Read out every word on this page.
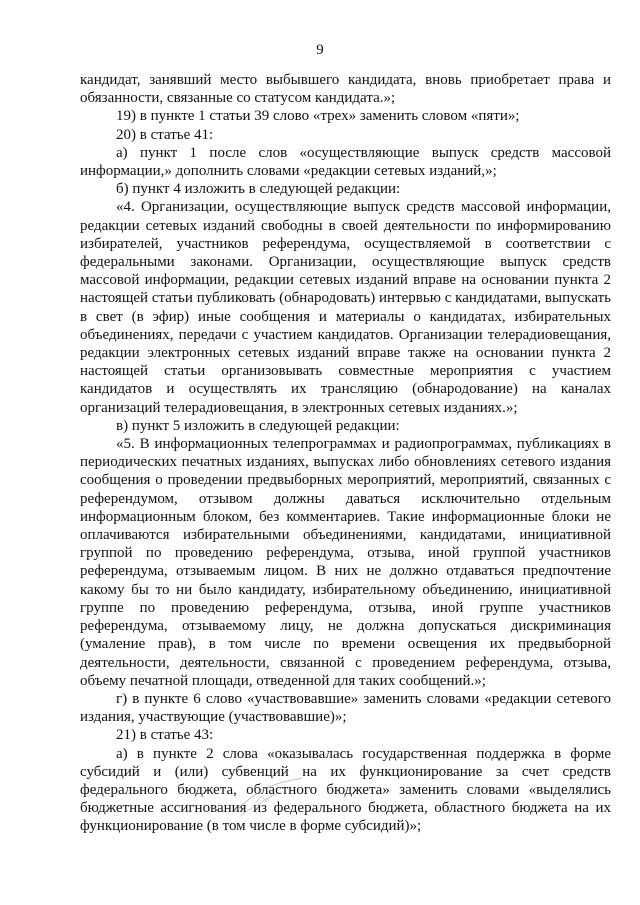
9

кандидат, занявший место выбывшего кандидата, вновь приобретает права и обязанности, связанные со статусом кандидата.»;

19) в пункте 1 статьи 39 слово «трех» заменить словом «пяти»;

20) в статье 41:

а) пункт 1 после слов «осуществляющие выпуск средств массовой информации,» дополнить словами «редакции сетевых изданий,»;

б) пункт 4 изложить в следующей редакции:

«4. Организации, осуществляющие выпуск средств массовой информации, редакции сетевых изданий свободны в своей деятельности по информированию избирателей, участников референдума, осуществляемой в соответствии с федеральными законами. Организации, осуществляющие выпуск средств массовой информации, редакции сетевых изданий вправе на основании пункта 2 настоящей статьи публиковать (обнародовать) интервью с кандидатами, выпускать в свет (в эфир) иные сообщения и материалы о кандидатах, избирательных объединениях, передачи с участием кандидатов. Организации телерадиовещания, редакции электронных сетевых изданий вправе также на основании пункта 2 настоящей статьи организовывать совместные мероприятия с участием кандидатов и осуществлять их трансляцию (обнародование) на каналах организаций телерадиовещания, в электронных сетевых изданиях.»;

в) пункт 5 изложить в следующей редакции:

«5. В информационных телепрограммах и радиопрограммах, публикациях в периодических печатных изданиях, выпусках либо обновлениях сетевого издания сообщения о проведении предвыборных мероприятий, мероприятий, связанных с референдумом, отзывом должны даваться исключительно отдельным информационным блоком, без комментариев. Такие информационные блоки не оплачиваются избирательными объединениями, кандидатами, инициативной группой по проведению референдума, отзыва, иной группой участников референдума, отзываемым лицом. В них не должно отдаваться предпочтение какому бы то ни было кандидату, избирательному объединению, инициативной группе по проведению референдума, отзыва, иной группе участников референдума, отзываемому лицу, не должна допускаться дискриминация (умаление прав), в том числе по времени освещения их предвыборной деятельности, деятельности, связанной с проведением референдума, отзыва, объему печатной площади, отведенной для таких сообщений.»;

г) в пункте 6 слово «участвовавшие» заменить словами «редакции сетевого издания, участвующие (участвовавшие)»;

21) в статье 43:

а) в пункте 2 слова «оказывалась государственная поддержка в форме субсидий и (или) субвенций на их функционирование за счет средств федерального бюджета, областного бюджета» заменить словами «выделялись бюджетные ассигнования из федерального бюджета, областного бюджета на их функционирование (в том числе в форме субсидий)»;
